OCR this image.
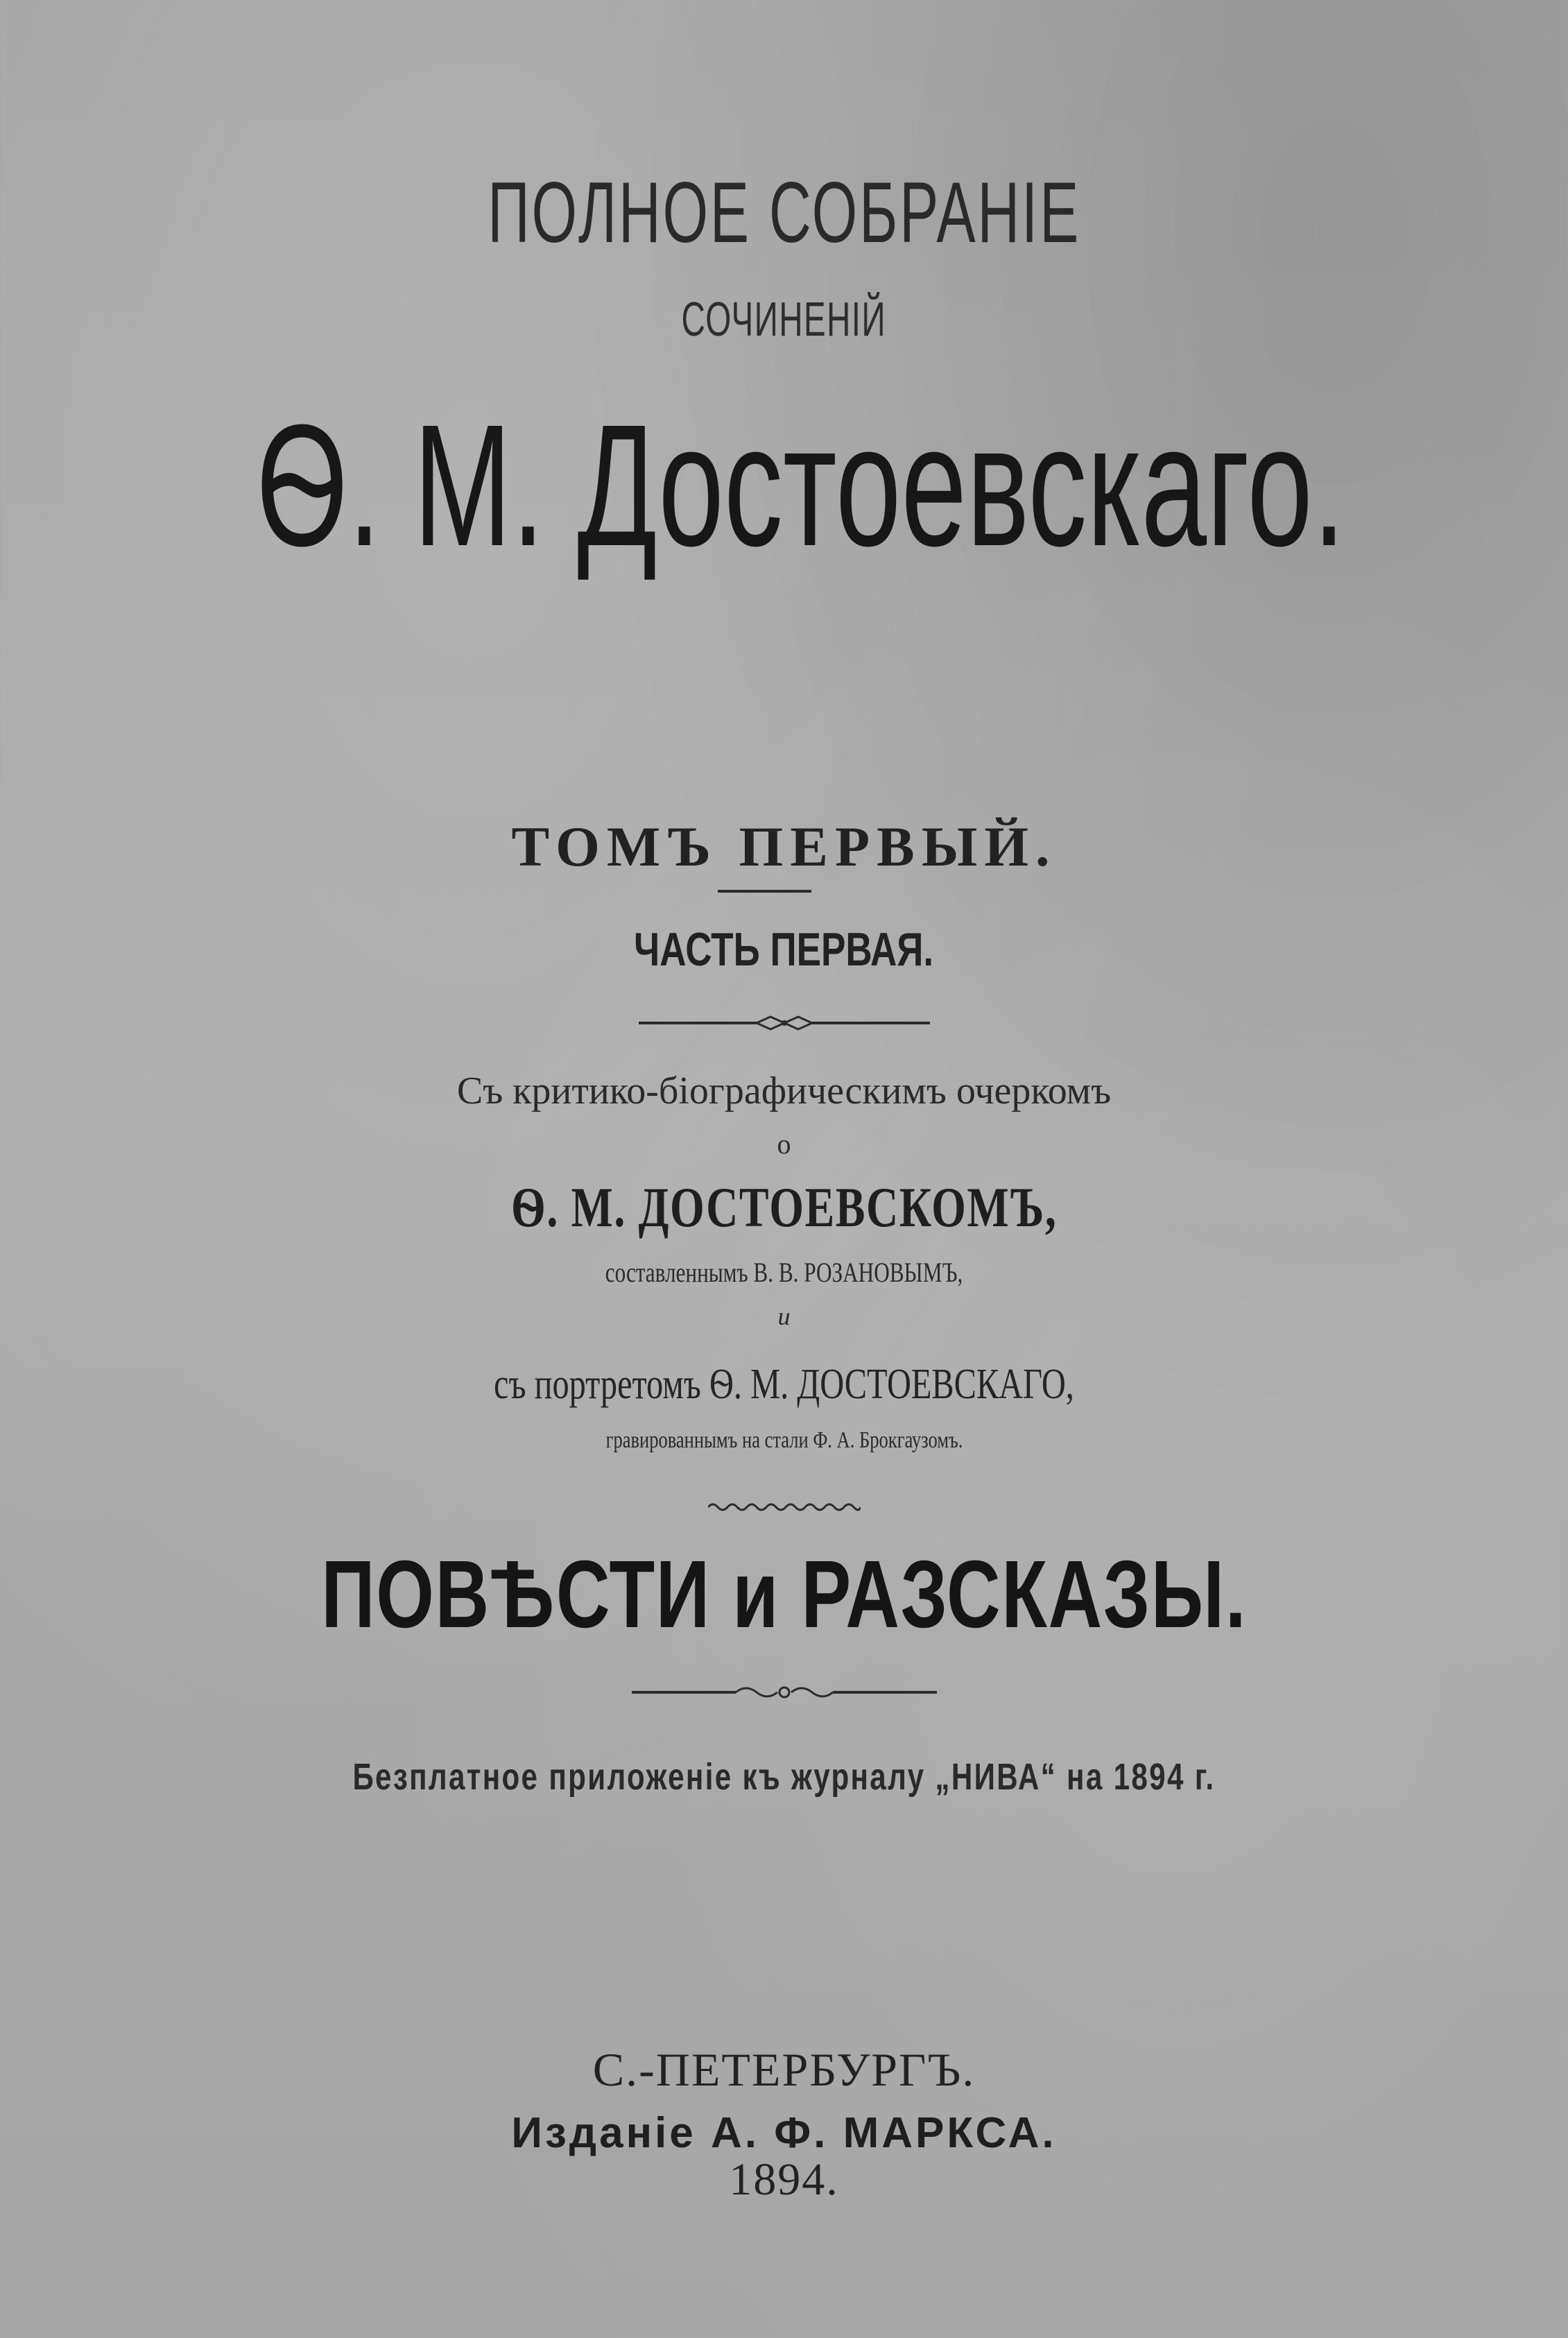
ПОЛНОЕ СОБРАНІЕ
СОЧИНЕНІЙ
Ѳ. М. Достоевскаго.
ТОМЪ ПЕРВЫЙ.
ЧАСТЬ ПЕРВАЯ.
Съ критико-біографическимъ очеркомъ
о
Ѳ. М. ДОСТОЕВСКОМЪ,
составленнымъ В. В. РОЗАНОВЫМЪ,
и
съ портретомъ Ѳ. М. ДОСТОЕВСКАГО,
гравированнымъ на стали Ф. А. Брокгаузомъ.
ПОВѢСТИ и РАЗСКАЗЫ.
Безплатное приложеніе къ журналу „НИВА“ на 1894 г.
С.-ПЕТЕРБУРГЪ.
Изданіе А. Ф. МАРКСА.
1894.
